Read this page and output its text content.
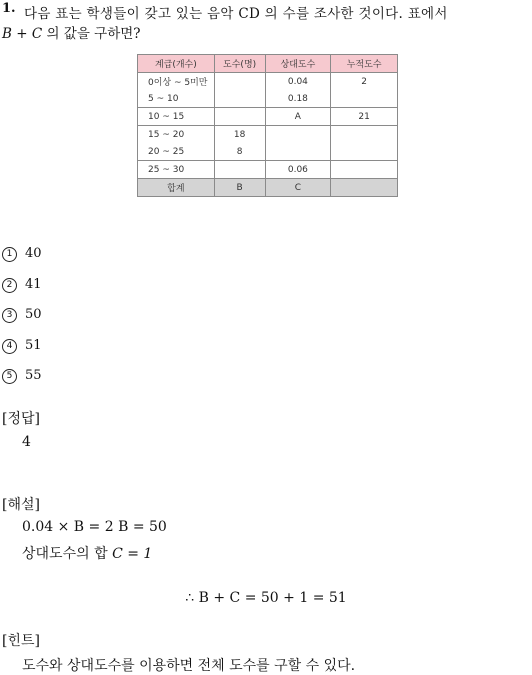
1. 다음 표는 학생들이 갖고 있는 음악 CD 의 수를 조사한 것이다. 표에서
B + C 의 값을 구하면?
계급(개수)	도수(명)	상대도수	누적도수
0이상 ~ 5미만		0.04	2
5 ~ 10		0.18	
10 ~ 15		A	21
15 ~ 20	18		
20 ~ 25	8		
25 ~ 30		0.06	
합계	B	C	
1 40
2 41
3 50
4 51
5 55
[정답]
4
[해설]
0.04 × B = 2 B = 50
상대도수의 합 C = 1
∴ B + C = 50 + 1 = 51
[힌트]
도수와 상대도수를 이용하면 전체 도수를 구할 수 있다.
